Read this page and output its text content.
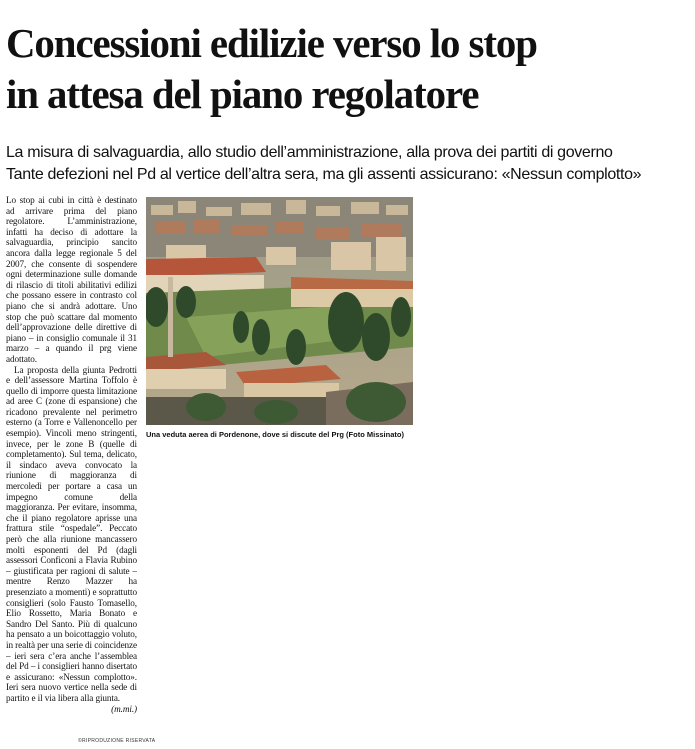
Concessioni edilizie verso lo stop
in attesa del piano regolatore
La misura di salvaguardia, allo studio dell’amministrazione, alla prova dei partiti di governo
Tante defezioni nel Pd al vertice dell’altra sera, ma gli assenti assicurano: «Nessun complotto»

Lo stop ai cubi in città è destinato ad arrivare prima del piano regolatore. L’amministrazione, infatti ha deciso di adottare la salvaguardia, principio sancito ancora dalla legge regionale 5 del 2007, che consente di sospendere ogni determinazione sulle domande di rilascio di titoli abilitativi edilizi che possano essere in contrasto col piano che si andrà adottare. Uno stop che può scattare dal momento dell’approvazione delle direttive di piano – in consiglio comunale il 31 marzo – a quando il prg viene adottato.

La proposta della giunta Pedrotti e dell’assessore Martina Toffolo è quello di imporre questa limitazione ad aree C (zone di espansione) che ricadono prevalente nel perimetro esterno (a Torre e Vallenoncello per esempio). Vincoli meno stringenti, invece, per le zone B (quelle di completamento). Sul tema, delicato, il sindaco aveva convocato la riunione di maggioranza di mercoledì per portare a casa un impegno comune della maggioranza. Per evitare, insomma, che il piano regolatore aprisse una frattura stile “ospedale”. Peccato però che alla riunione mancassero molti esponenti del Pd (dagli assessori Conficoni a Flavia Rubino – giustificata per ragioni di salute – mentre Renzo Mazzer ha presenziato a momenti) e soprattutto consiglieri (solo Fausto Tomasello, Elio Rossetto, Maria Bonato e Sandro Del Santo. Più di qualcuno ha pensato a un boicottaggio voluto, in realtà per una serie di coincidenze – ieri sera c’era anche l’assemblea del Pd – i consiglieri hanno disertato e assicurano: «Nessun complotto». Ieri sera nuovo vertice nella sede di partito e il via libera alla giunta.
(m.mi.)

©RIPRODUZIONE RISERVATA
Una veduta aerea di Pordenone, dove si discute del Prg (Foto Missinato)
